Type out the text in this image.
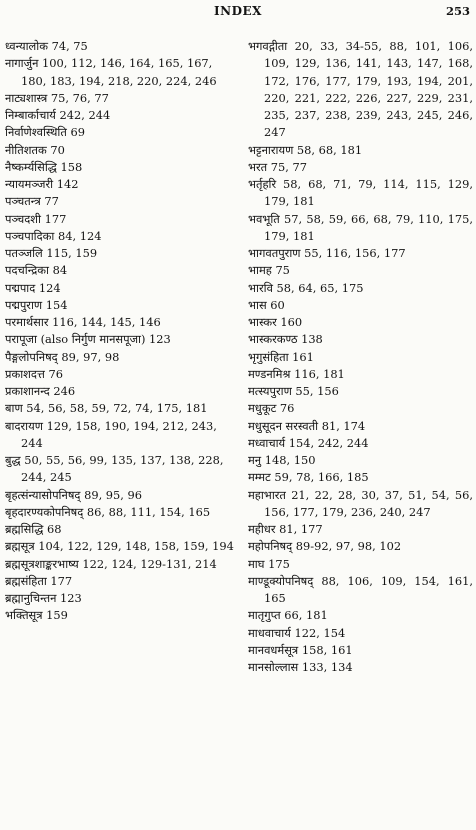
INDEX	253
ध्वन्यालोक 74, 75
नागार्जुन 100, 112, 146, 164, 165, 167, 180, 183, 194, 218, 220, 224, 246
नाट्यशास्त्र 75, 76, 77
निम्बार्काचार्य 242, 244
निर्वाणेश्वस्थिति 69
नीतिशतक 70
नैष्कर्म्यसिद्धि 158
न्यायमञ्जरी 142
पञ्चतन्त्र 77
पञ्चदशी 177
पञ्चपादिका 84, 124
पतञ्जलि 115, 159
पदचन्द्रिका 84
पद्मपाद 124
पद्मपुराण 154
परमार्थसार 116, 144, 145, 146
परापूजा (also निर्गुण मानसपूजा) 123
पैङ्गलोपनिषद् 89, 97, 98
प्रकाशदत्त 76
प्रकाशानन्द 246
बाण 54, 56, 58, 59, 72, 74, 175, 181
बादरायण 129, 158, 190, 194, 212, 243, 244
बुद्ध 50, 55, 56, 99, 135, 137, 138, 228, 244, 245
बृहत्संन्यासोपनिषद् 89, 95, 96
बृहदारण्यकोपनिषद् 86, 88, 111, 154, 165
ब्रह्मसिद्धि 68
ब्रह्मसूत्र 104, 122, 129, 148, 158, 159, 194
ब्रह्मसूत्रशाङ्करभाष्य 122, 124, 129-131, 214
ब्रह्मसंहिता 177
ब्रह्मानुचिन्तन 123
भक्तिसूत्र 159
भगवद्गीता 20, 33, 34-55, 88, 101, 106, 109, 129, 136, 141, 143, 147, 168, 172, 176, 177, 179, 193, 194, 201, 220, 221, 222, 226, 227, 229, 231, 235, 237, 238, 239, 243, 245, 246, 247
भट्टनारायण 58, 68, 181
भरत 75, 77
भर्तृहरि 58, 68, 71, 79, 114, 115, 129, 179, 181
भवभूति 57, 58, 59, 66, 68, 79, 110, 175, 179, 181
भागवतपुराण 55, 116, 156, 177
भामह 75
भारवि 58, 64, 65, 175
भास 60
भास्कर 160
भास्करकण्ठ 138
भृगुसंहिता 161
मण्डनमिश्र 116, 181
मत्स्यपुराण 55, 156
मधुकूट 76
मधुसूदन सरस्वती 81, 174
मध्वाचार्य 154, 242, 244
मनु 148, 150
मम्मट 59, 78, 166, 185
महाभारत 21, 22, 28, 30, 37, 51, 54, 56, 156, 177, 179, 236, 240, 247
महीधर 81, 177
महोपनिषद् 89-92, 97, 98, 102
माघ 175
माण्डूक्योपनिषद् 88, 106, 109, 154, 161, 165
मातृगुप्त 66, 181
माधवाचार्य 122, 154
मानवधर्मसूत्र 158, 161
मानसोल्लास 133, 134
